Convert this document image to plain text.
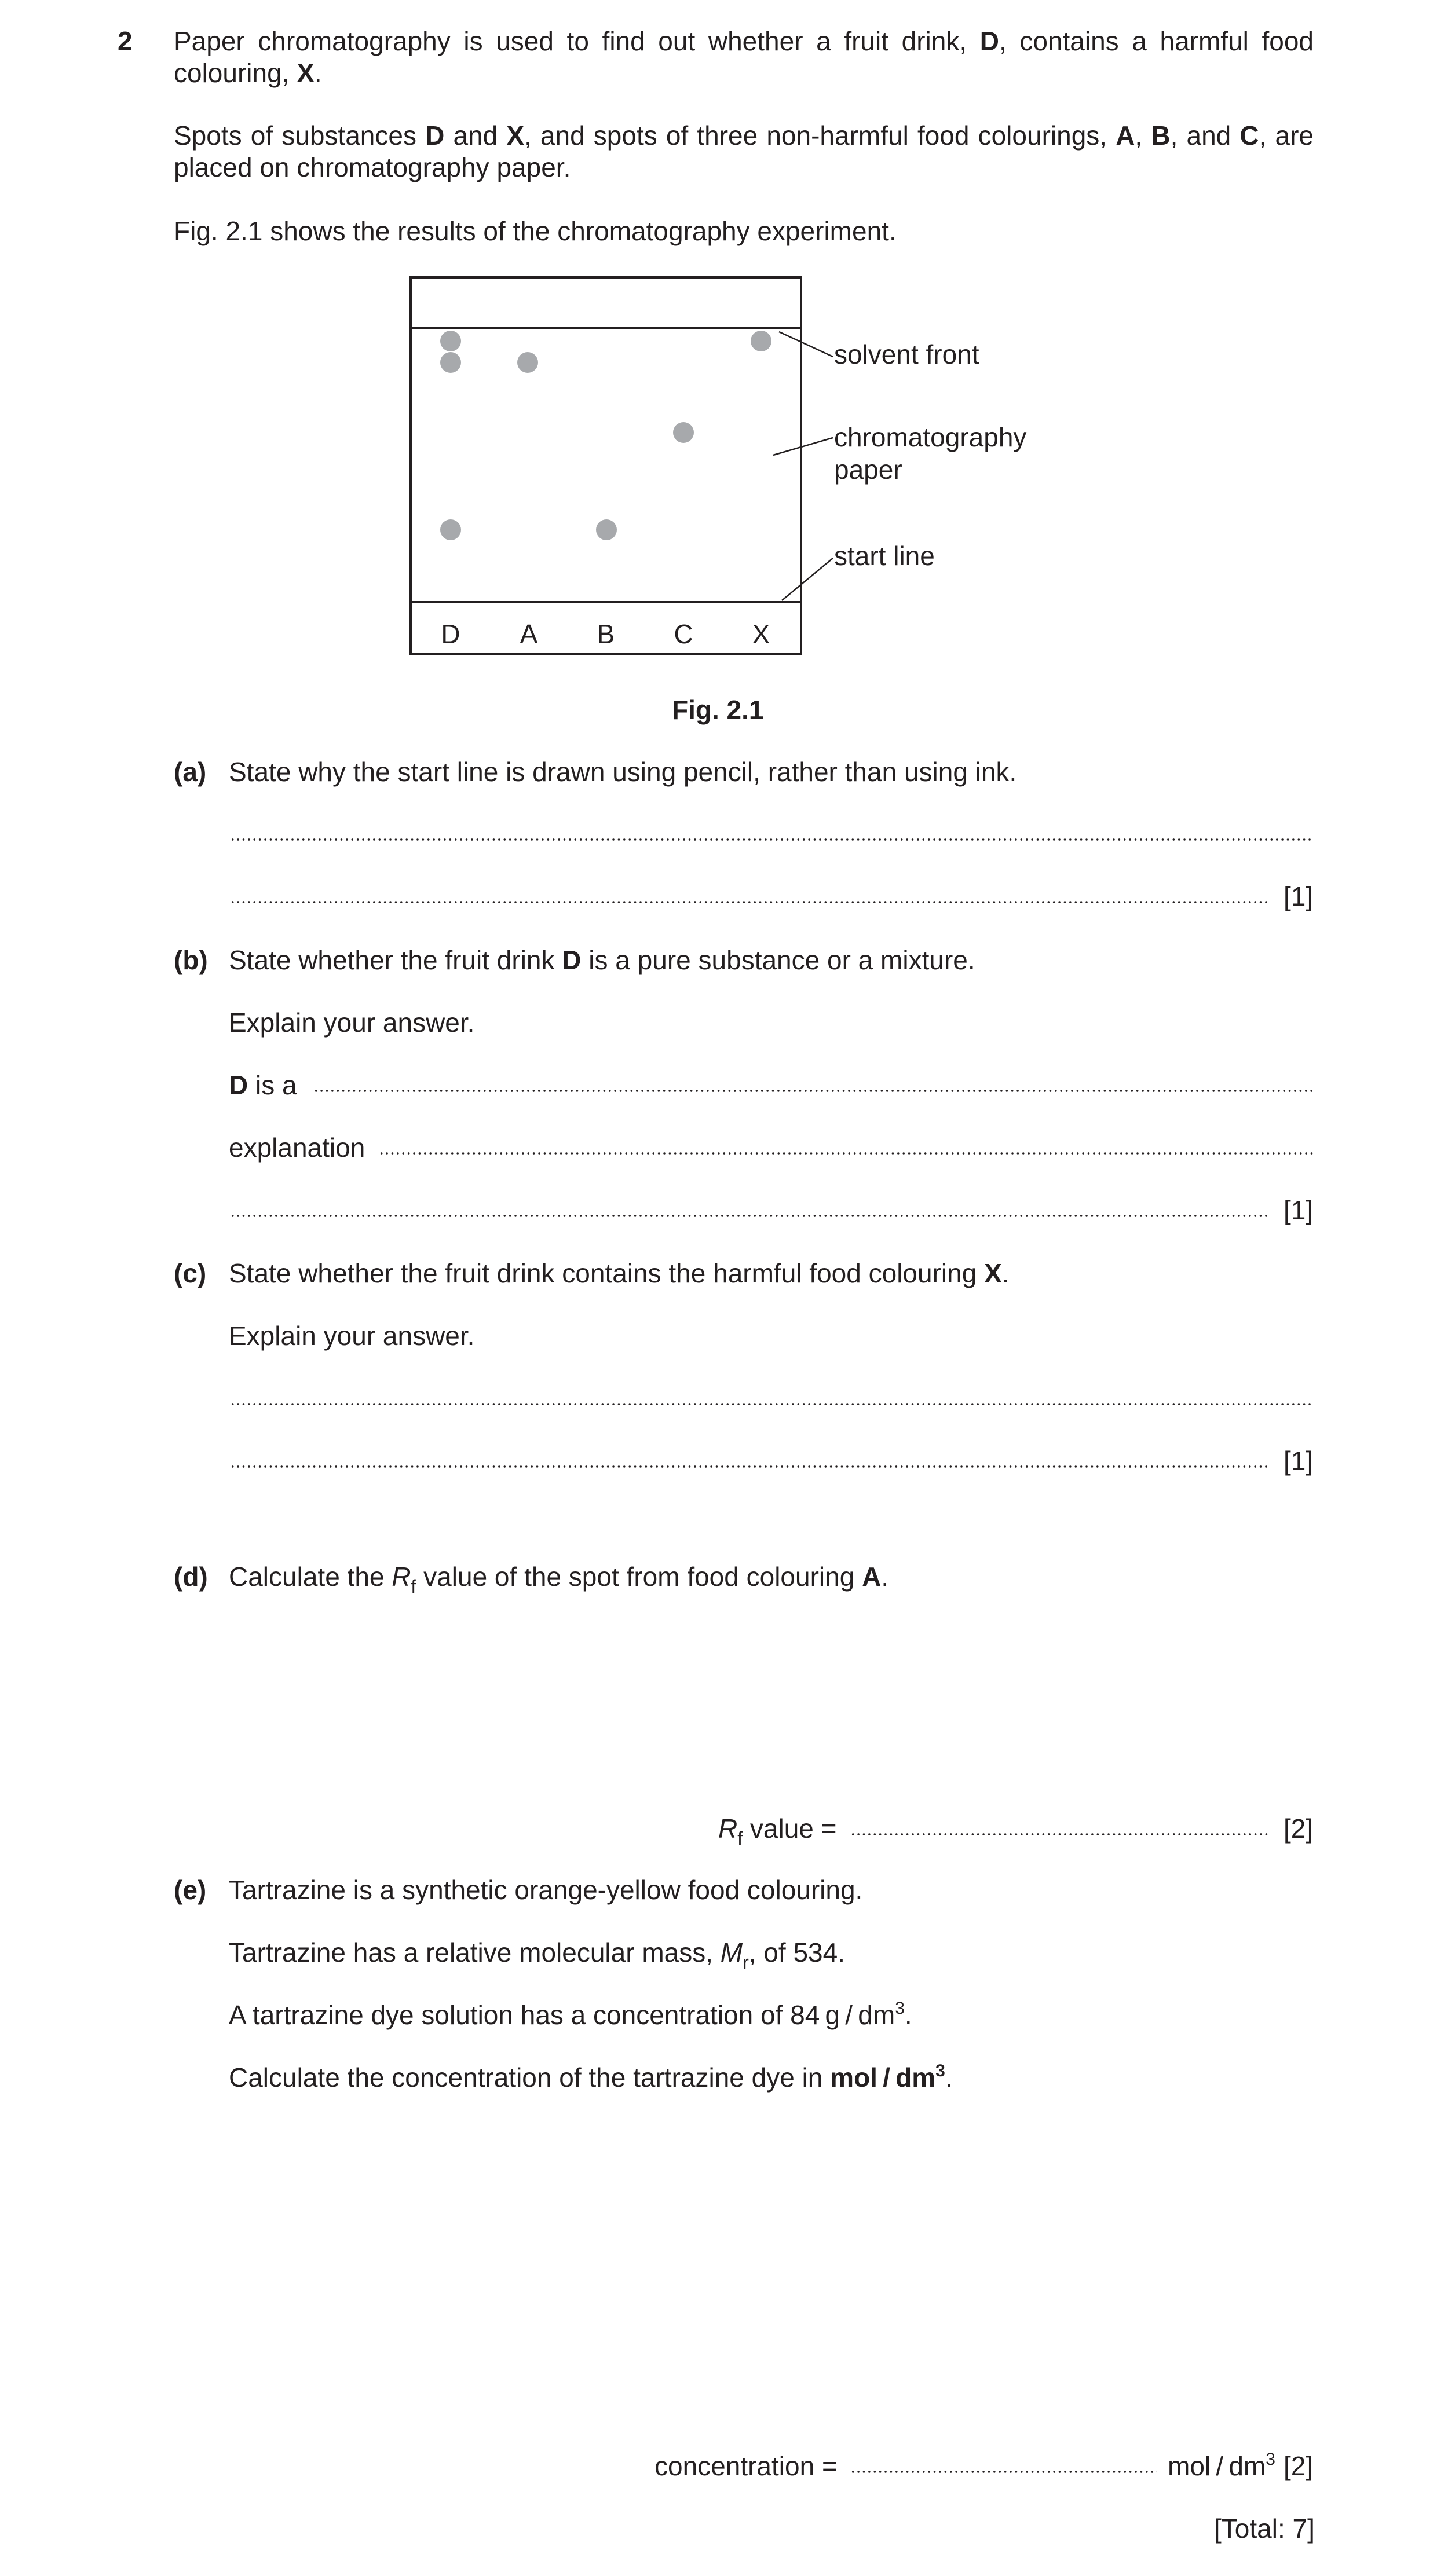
2 Paper chromatography is used to find out whether a fruit drink, D, contains a harmful food colouring, X.
Spots of substances D and X, and spots of three non-harmful food colourings, A, B, and C, are placed on chromatography paper.
Fig. 2.1 shows the results of the chromatography experiment.
D A B C X
solvent front
chromatography
paper
start line
Fig. 2.1
(a) State why the start line is drawn using pencil, rather than using ink.
[1]
(b) State whether the fruit drink D is a pure substance or a mixture.
Explain your answer.
D is a
explanation
[1]
(c) State whether the fruit drink contains the harmful food colouring X.
Explain your answer.
[1]
(d) Calculate the $R_f$ value of the spot from food colouring A.
$R_f$ value =	[2]
(e) Tartrazine is a synthetic orange-yellow food colouring.
Tartrazine has a relative molecular mass, $M_r$, of 534.
A tartrazine dye solution has a concentration of 84 g / $dm^3$.
Calculate the concentration of the tartrazine dye in mol / $dm^3$.
concentration =	mol / $dm^3$ [2]
[Total: 7]
